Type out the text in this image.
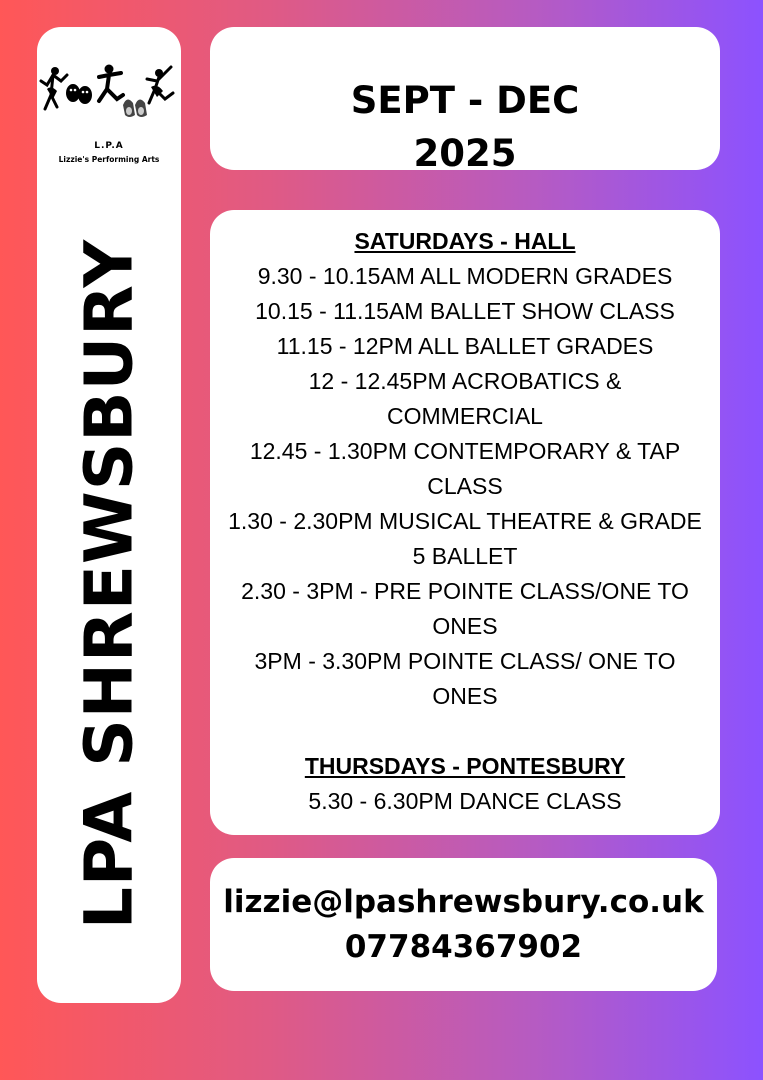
L.P.A
Lizzie's Performing Arts
LPA SHREWSBURY
SEPT - DEC
2025
SATURDAYS - HALL
9.30 - 10.15AM ALL MODERN GRADES
10.15 - 11.15AM BALLET SHOW CLASS
11.15 - 12PM ALL BALLET GRADES
12 - 12.45PM ACROBATICS &
COMMERCIAL
12.45 - 1.30PM CONTEMPORARY & TAP
CLASS
1.30 - 2.30PM MUSICAL THEATRE & GRADE
5 BALLET
2.30 - 3PM - PRE POINTE CLASS/ONE TO
ONES
3PM - 3.30PM POINTE CLASS/ ONE TO
ONES
THURSDAYS - PONTESBURY
5.30 - 6.30PM DANCE CLASS
lizzie@lpashrewsbury.co.uk
07784367902
